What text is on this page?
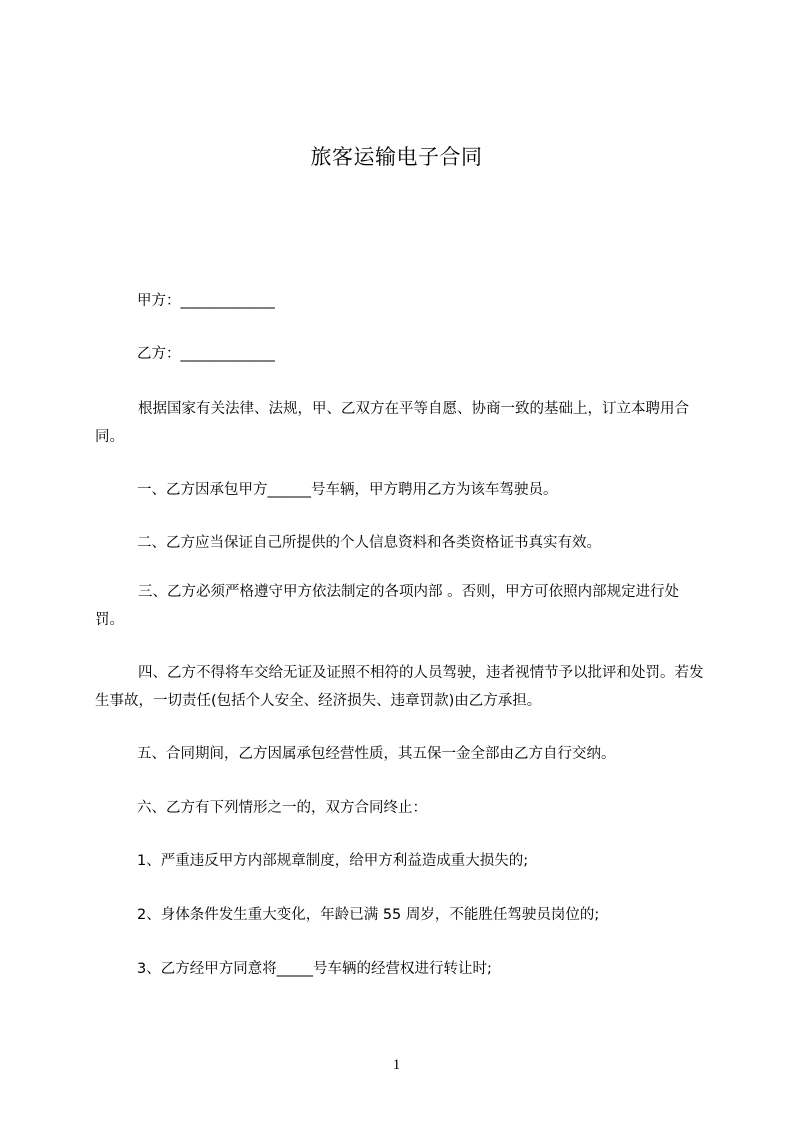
旅客运输电子合同
甲方：_____________
乙方：_____________
根据国家有关法律、法规，甲、乙双方在平等自愿、协商一致的基础上，订立本聘用合同。
一、乙方因承包甲方______号车辆，甲方聘用乙方为该车驾驶员。
二、乙方应当保证自己所提供的个人信息资料和各类资格证书真实有效。
三、乙方必须严格遵守甲方依法制定的各项内部 。否则，甲方可依照内部规定进行处罚。
四、乙方不得将车交给无证及证照不相符的人员驾驶，违者视情节予以批评和处罚。若发生事故，一切责任(包括个人安全、经济损失、违章罚款)由乙方承担。
五、合同期间，乙方因属承包经营性质，其五保一金全部由乙方自行交纳。
六、乙方有下列情形之一的，双方合同终止：
1、严重违反甲方内部规章制度，给甲方利益造成重大损失的;
2、身体条件发生重大变化，年龄已满 55 周岁，不能胜任驾驶员岗位的;
3、乙方经甲方同意将_____号车辆的经营权进行转让时;
1
